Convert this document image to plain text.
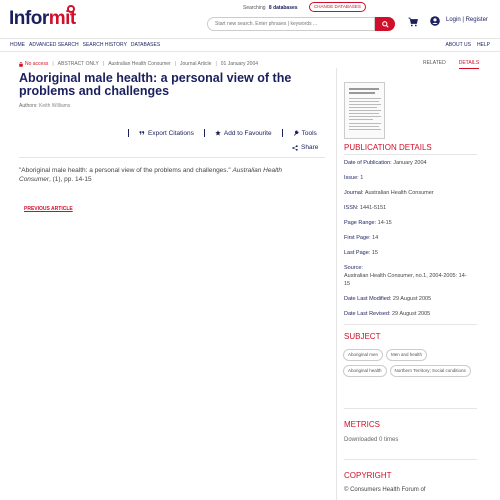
Informit	Searching 8 databases	CHANGE DATABASES
Start new search. Enter phrases | keywords ...
Login | Register
HOME ADVANCED SEARCH SEARCH HISTORY DATABASES	ABOUT US HELP
No access | ABSTRACT ONLY | Australian Health Consumer | Journal Article | 01 January 2004	RELATED	DETAILS
Aboriginal male health: a personal view of the problems and challenges
Authors: Keith Williams
Export Citations	Add to Favourite	Tools
Share
"Aboriginal male health: a personal view of the problems and challenges." Australian Health Consumer, (1), pp. 14-15
PREVIOUS ARTICLE
PUBLICATION DETAILS
Date of Publication: January 2004
Issue: 1
Journal: Australian Health Consumer
ISSN: 1441-5151
Page Range: 14-15
First Page: 14
Last Page: 15
Source:
Australian Health Consumer, no.1, 2004-2005: 14-15
Date Last Modified: 29 August 2005
Date Last Revised: 29 August 2005
SUBJECT
Aboriginal men	Men and health
Aboriginal health	Northern Territory; Social conditions
METRICS
Downloaded 0 times
COPYRIGHT
© Consumers Health Forum of
